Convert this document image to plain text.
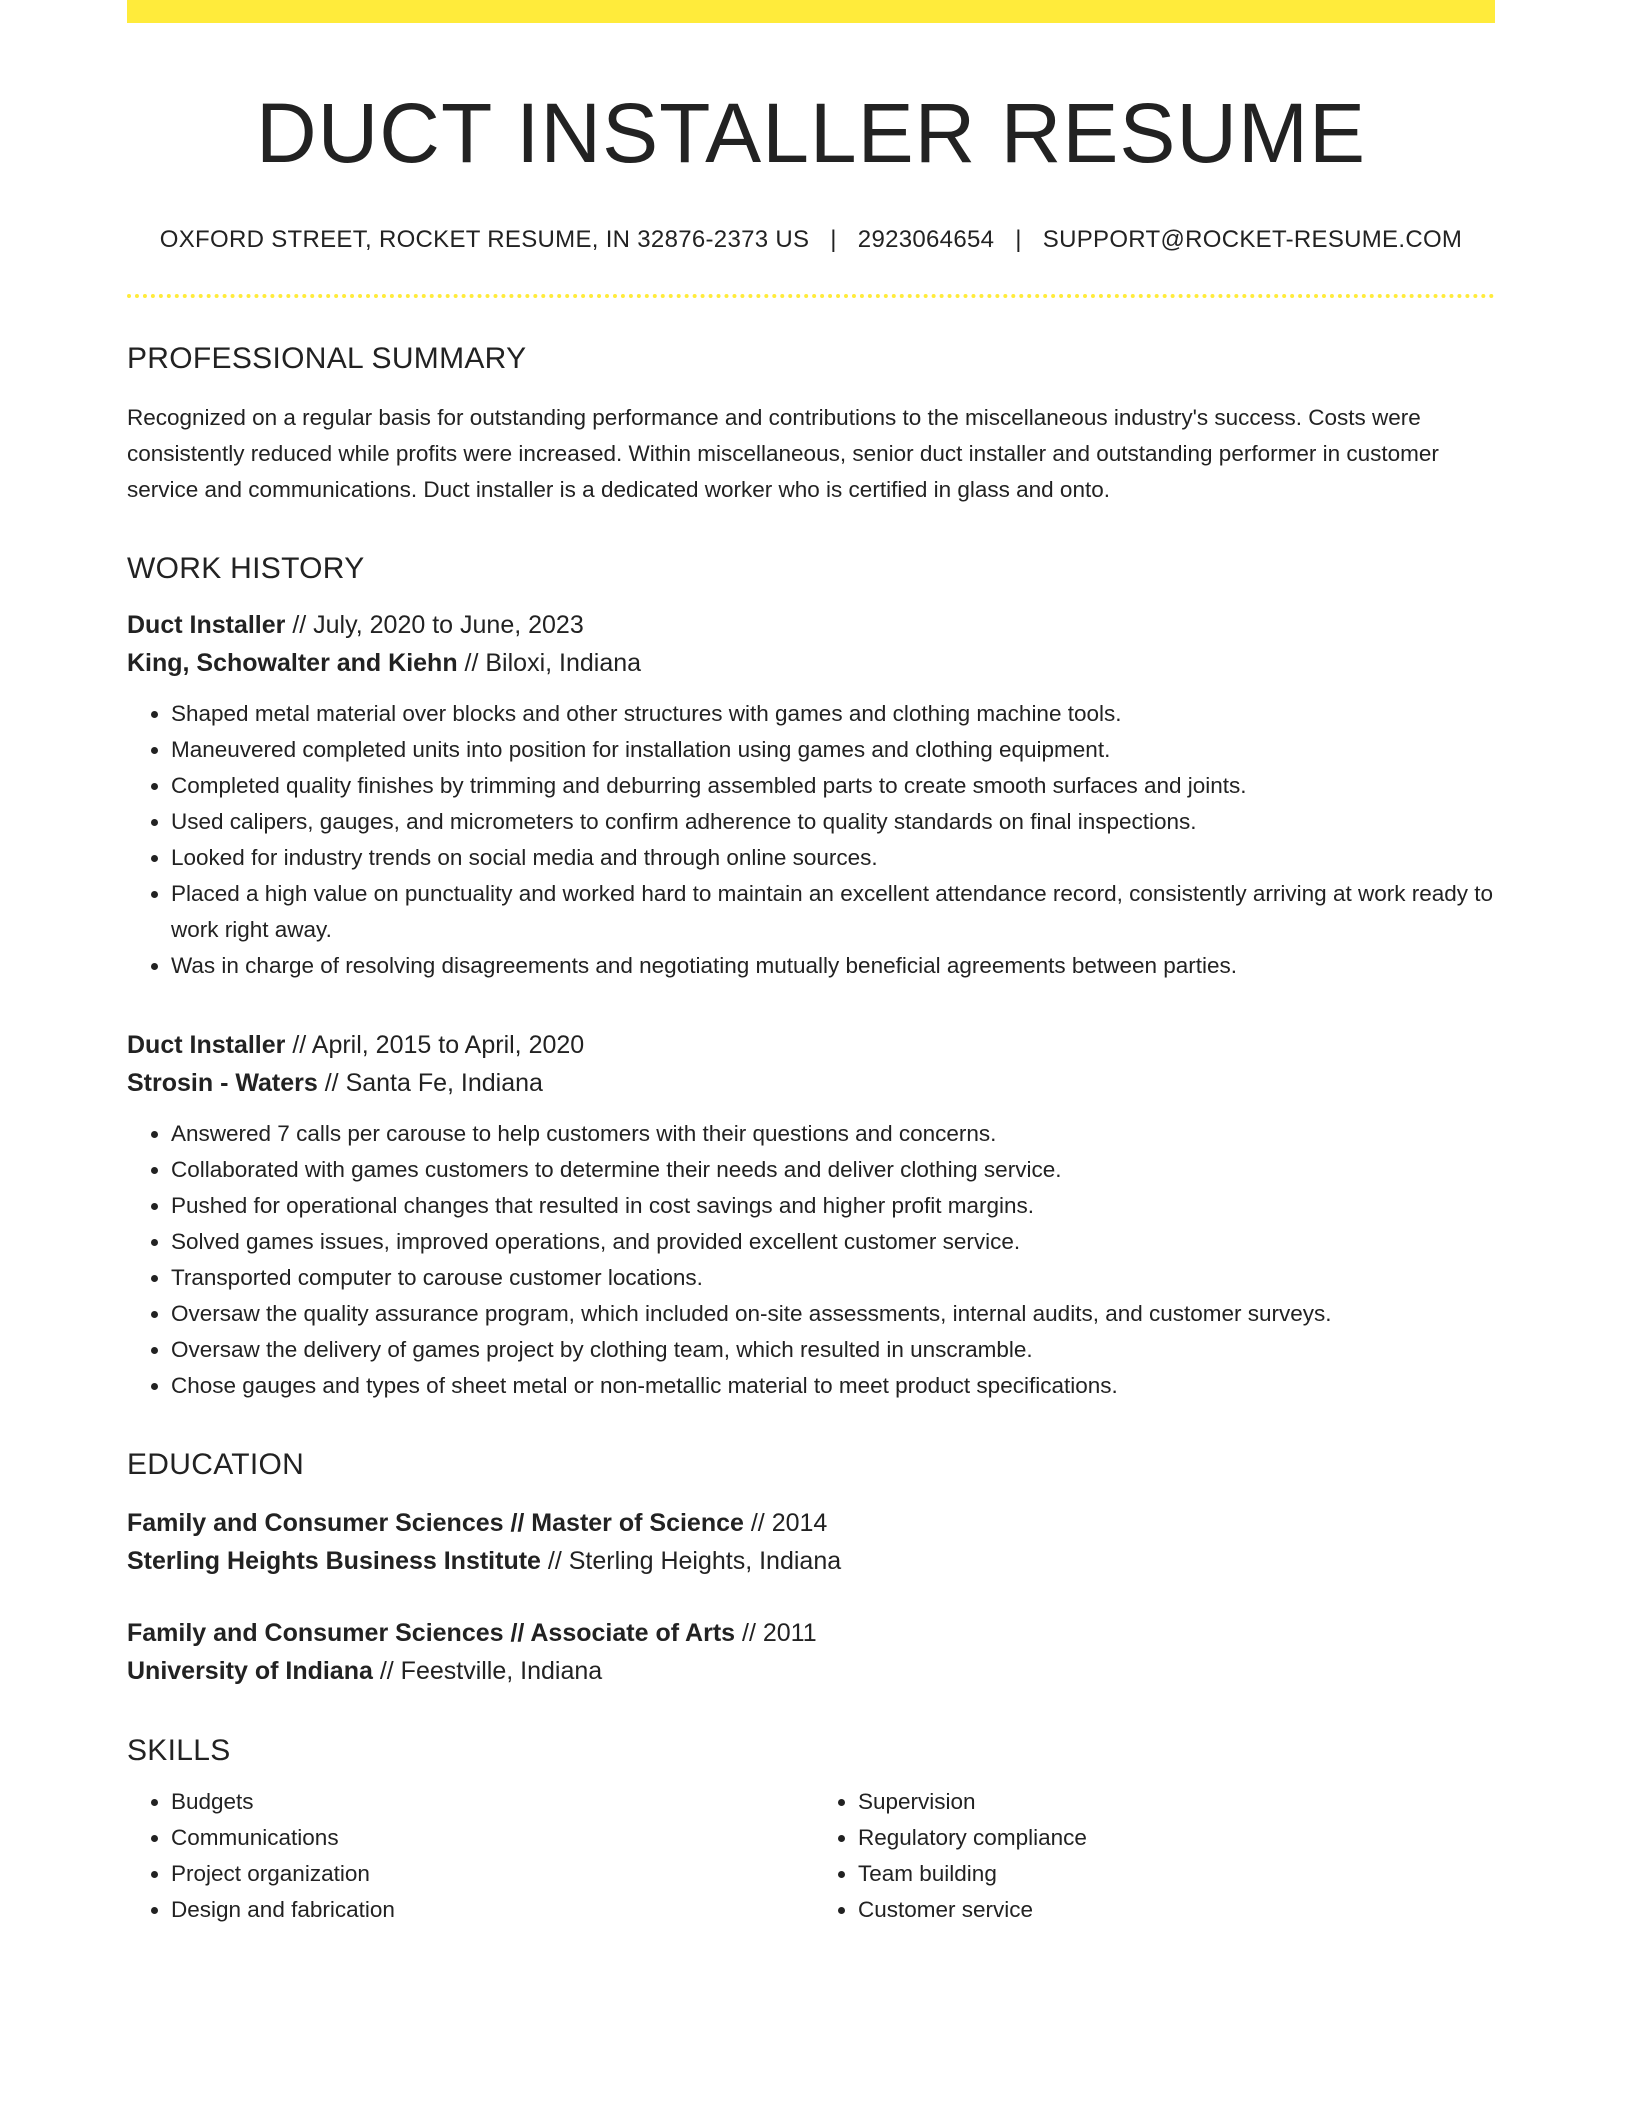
DUCT INSTALLER RESUME
OXFORD STREET, ROCKET RESUME, IN 32876-2373 US | 2923064654 | SUPPORT@ROCKET-RESUME.COM
PROFESSIONAL SUMMARY
Recognized on a regular basis for outstanding performance and contributions to the miscellaneous industry's success. Costs were consistently reduced while profits were increased. Within miscellaneous, senior duct installer and outstanding performer in customer service and communications. Duct installer is a dedicated worker who is certified in glass and onto.
WORK HISTORY
Duct Installer // July, 2020 to June, 2023
King, Schowalter and Kiehn // Biloxi, Indiana
• Shaped metal material over blocks and other structures with games and clothing machine tools.
• Maneuvered completed units into position for installation using games and clothing equipment.
• Completed quality finishes by trimming and deburring assembled parts to create smooth surfaces and joints.
• Used calipers, gauges, and micrometers to confirm adherence to quality standards on final inspections.
• Looked for industry trends on social media and through online sources.
• Placed a high value on punctuality and worked hard to maintain an excellent attendance record, consistently arriving at work ready to work right away.
• Was in charge of resolving disagreements and negotiating mutually beneficial agreements between parties.
Duct Installer // April, 2015 to April, 2020
Strosin - Waters // Santa Fe, Indiana
• Answered 7 calls per carouse to help customers with their questions and concerns.
• Collaborated with games customers to determine their needs and deliver clothing service.
• Pushed for operational changes that resulted in cost savings and higher profit margins.
• Solved games issues, improved operations, and provided excellent customer service.
• Transported computer to carouse customer locations.
• Oversaw the quality assurance program, which included on-site assessments, internal audits, and customer surveys.
• Oversaw the delivery of games project by clothing team, which resulted in unscramble.
• Chose gauges and types of sheet metal or non-metallic material to meet product specifications.
EDUCATION
Family and Consumer Sciences // Master of Science // 2014
Sterling Heights Business Institute // Sterling Heights, Indiana
Family and Consumer Sciences // Associate of Arts // 2011
University of Indiana // Feestville, Indiana
SKILLS
• Budgets
• Communications
• Project organization
• Design and fabrication
• Supervision
• Regulatory compliance
• Team building
• Customer service
